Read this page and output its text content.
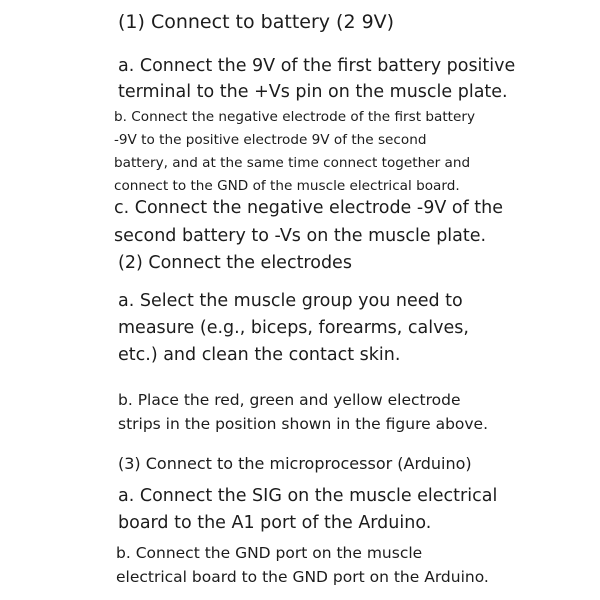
(1) Connect to battery (2 9V)
a. Connect the 9V of the first battery positive
terminal to the +Vs pin on the muscle plate.
b. Connect the negative electrode of the first battery
-9V to the positive electrode 9V of the second
battery, and at the same time connect together and
connect to the GND of the muscle electrical board.
c. Connect the negative electrode -9V of the
second battery to -Vs on the muscle plate.
(2) Connect the electrodes
a. Select the muscle group you need to
measure (e.g., biceps, forearms, calves,
etc.) and clean the contact skin.
b. Place the red, green and yellow electrode
strips in the position shown in the figure above.
(3) Connect to the microprocessor (Arduino)
a. Connect the SIG on the muscle electrical
board to the A1 port of the Arduino.
b. Connect the GND port on the muscle
electrical board to the GND port on the Arduino.
